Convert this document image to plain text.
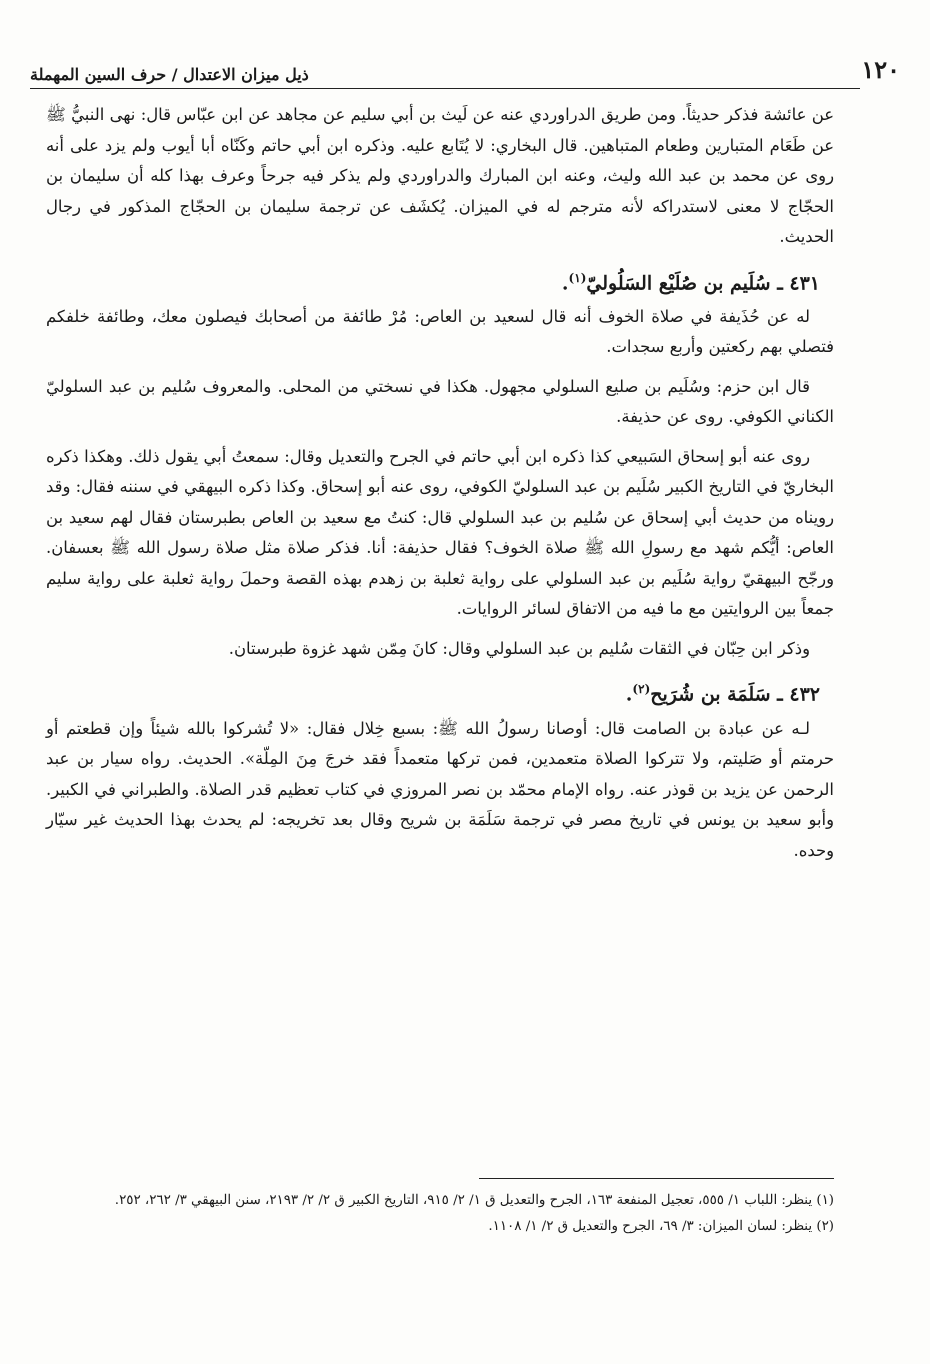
ذيل ميزان الاعتدال / حرف السين المهملة	١٢٠

عن عائشة فذكر حديثاً. ومن طريق الدراوردي عنه عن لَيث بن أبي سليم عن مجاهد عن ابن عبّاس قال: نهى النبيُّ ﷺ عن طَعَام المتبارين وطعام المتباهين. قال البخاري: لا يُتَابع عليه. وذكره ابن أبي حاتم وكَنّاه أبا أيوب ولم يزد على أنه روى عن محمد بن عبد الله وليث، وعنه ابن المبارك والدراوردي ولم يذكر فيه جرحاً وعرف بهذا كله أن سليمان بن الحجّاج لا معنى لاستدراكه لأنه مترجم له في الميزان. يُكشَف عن ترجمة سليمان بن الحجّاج المذكور في رجال الحديث.

٤٣١ ـ سُلَيم بن صُلَيْع السَلُوليّ$^{(١)}$.

له عن حُذَيفة في صلاة الخوف أنه قال لسعيد بن العاص: مُرْ طائفة من أصحابك فيصلون معك، وطائفة خلفكم فتصلي بهم ركعتين وأربع سجدات.

قال ابن حزم: وسُلَيم بن صليع السلولي مجهول. هكذا في نسختي من المحلى. والمعروف سُليم بن عبد السلوليّ الكناني الكوفي. روى عن حذيفة.

روى عنه أبو إسحاق السَبيعي كذا ذكره ابن أبي حاتم في الجرح والتعديل وقال: سمعتُ أبي يقول ذلك. وهكذا ذكره البخاريّ في التاريخ الكبير سُلَيم بن عبد السلوليّ الكوفي، روى عنه أبو إسحاق. وكذا ذكره البيهقي في سننه فقال: وقد رويناه من حديث أبي إسحاق عن سُليم بن عبد السلولي قال: كنتُ مع سعيد بن العاص بطبرستان فقال لهم سعيد بن العاص: أيُّكم شهد مع رسولِ الله ﷺ صلاة الخوف؟ فقال حذيفة: أنا. فذكر صلاة مثل صلاة رسول الله ﷺ بعسفان. ورجّح البيهقيّ رواية سُلَيم بن عبد السلولي على رواية ثعلبة بن زهدم بهذه القصة وحملَ رواية ثعلبة على رواية سليم جمعاً بين الروايتين مع ما فيه من الاتفاق لسائر الروايات.

وذكر ابن حِبّان في الثقات سُليم بن عبد السلولي وقال: كانَ مِمّن شهد غزوة طبرستان.

٤٣٢ ـ سَلَمَة بن شُرَيح$^{(٢)}$.

لـه عن عبادة بن الصامت قال: أوصانا رسولُ الله ﷺ: بسبع خِلال فقال: «لا تُشركوا بالله شيئاً وإن قطعتم أو حرمتم أو صَليتم، ولا تتركوا الصلاة متعمدين، فمن تركها متعمداً فقد خرجَ مِنَ المِلّة». الحديث. رواه سيار بن عبد الرحمن عن يزيد بن قوذر عنه. رواه الإمام محمّد بن نصر المروزي في كتاب تعظيم قدر الصلاة. والطبراني في الكبير. وأبو سعيد بن يونس في تاريخ مصر في ترجمة سَلَمَة بن شريح وقال بعد تخريجه: لم يحدث بهذا الحديث غير سيّار وحده.

(١) ينظر: اللباب ١/ ٥٥٥، تعجيل المنفعة ١٦٣، الجرح والتعديل ق ١/ ٢/ ٩١٥، التاريخ الكبير ق ٢/ ٢/ ٢١٩٣، سنن البيهقي ٣/ ٢٦٢، ٢٥٢.

(٢) ينظر: لسان الميزان: ٣/ ٦٩، الجرح والتعديل ق ٢/ ١/ ١١٠٨.
